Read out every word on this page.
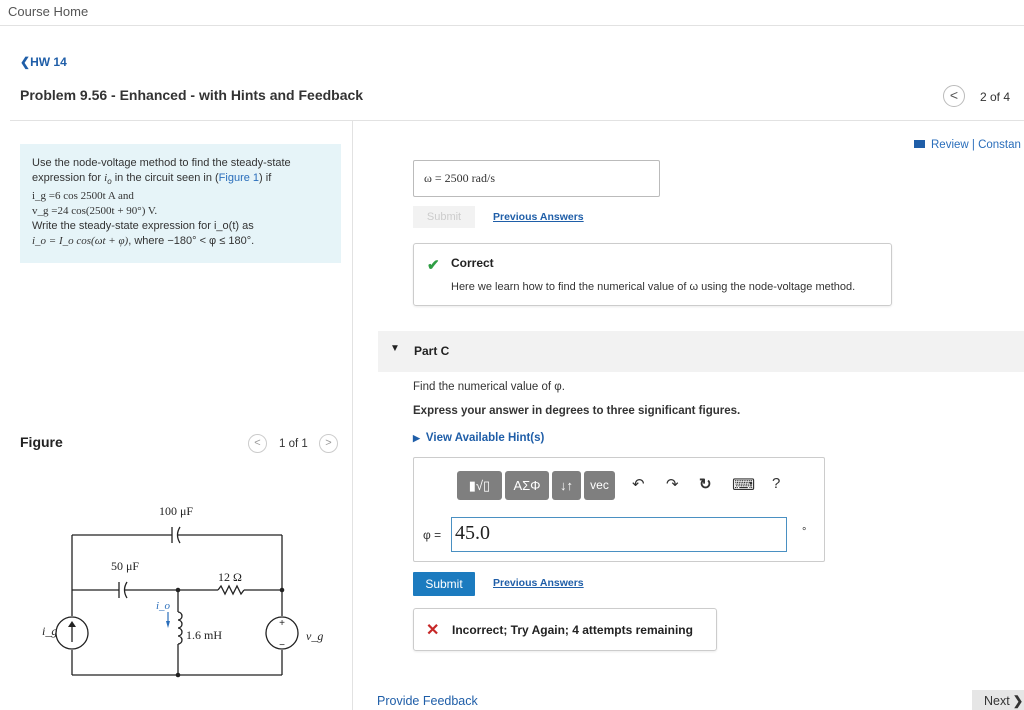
Course Home
❮HW 14
Problem 9.56 - Enhanced - with Hints and Feedback	<	2 of 4
Review | Constan
Use the node-voltage method to find the steady-state
expression for $i_o$ in the circuit seen in (Figure 1) if
i_g =6 cos 2500t A and
v_g =24 cos(2500t + 90°) V.
Write the steady-state expression for i_o(t) as
i_o = I_o cos(ωt + φ), where −180° < φ ≤ 180°.
Figure	<	1 of 1	>
+
−
100 μF
50 μF
12 Ω
1.6 mH
i_g
i_o
v_g
ω = 2500 rad/s
Submit	Previous Answers
✔ Correct
Here we learn how to find the numerical value of ω using the node-voltage method.
▼ Part C
Find the numerical value of φ.
Express your answer in degrees to three significant figures.
▶ View Available Hint(s)
▮√▯	ΑΣΦ	↓↑	vec	↶ ↷ ↻ ⌨ ?
φ = 45.0	°
Submit	Previous Answers
✕ Incorrect; Try Again; 4 attempts remaining
Provide Feedback	Next ❯
